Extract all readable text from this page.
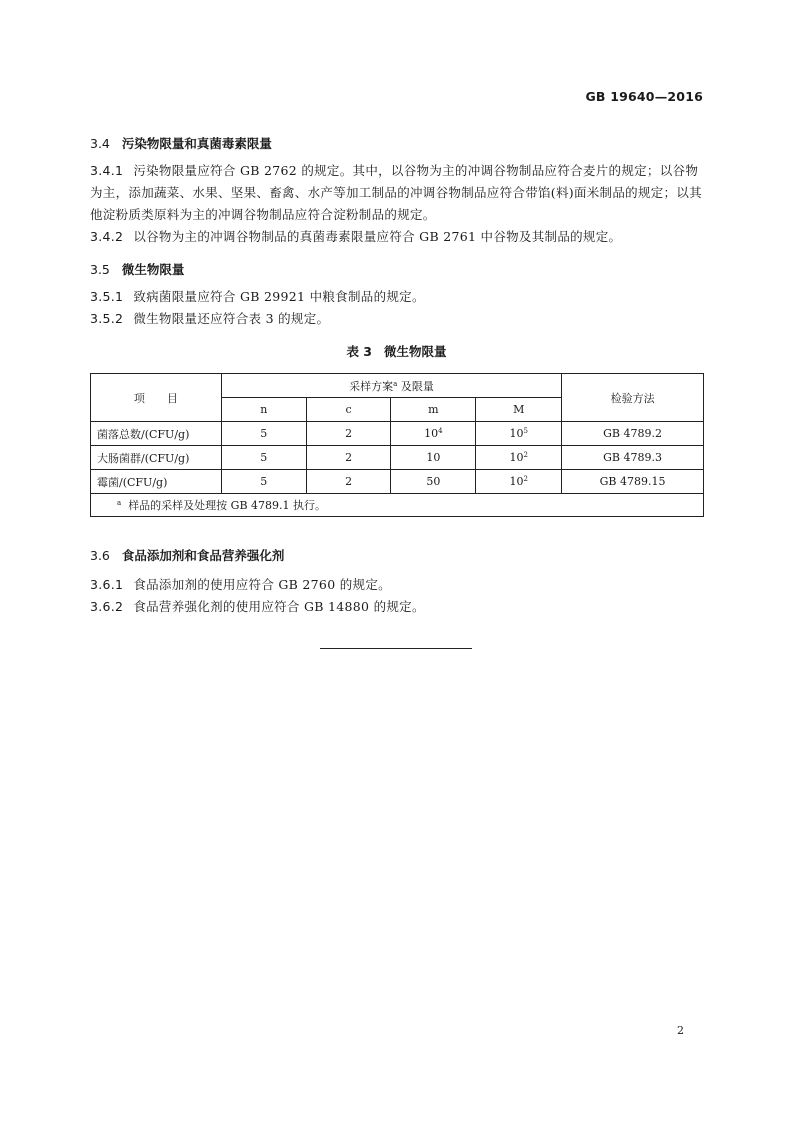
GB 19640—2016
3.4 污染物限量和真菌毒素限量
3.4.1 污染物限量应符合 GB 2762 的规定。其中，以谷物为主的冲调谷物制品应符合麦片的规定；以谷物为主，添加蔬菜、水果、坚果、畜禽、水产等加工制品的冲调谷物制品应符合带馅(料)面米制品的规定；以其他淀粉质类原料为主的冲调谷物制品应符合淀粉制品的规定。
3.4.2 以谷物为主的冲调谷物制品的真菌毒素限量应符合 GB 2761 中谷物及其制品的规定。
3.5 微生物限量
3.5.1 致病菌限量应符合 GB 29921 中粮食制品的规定。
3.5.2 微生物限量还应符合表 3 的规定。
表 3 微生物限量
项　　目	采样方案$^a$ 及限量				检验方法
	n	c	m	M	
菌落总数/(CFU/g)	5	2	$10^4$	$10^5$	GB 4789.2
大肠菌群/(CFU/g)	5	2	10	$10^2$	GB 4789.3
霉菌/(CFU/g)	5	2	50	$10^2$	GB 4789.15
$^a$ 样品的采样及处理按 GB 4789.1 执行。					
3.6 食品添加剂和食品营养强化剂
3.6.1 食品添加剂的使用应符合 GB 2760 的规定。
3.6.2 食品营养强化剂的使用应符合 GB 14880 的规定。
2
